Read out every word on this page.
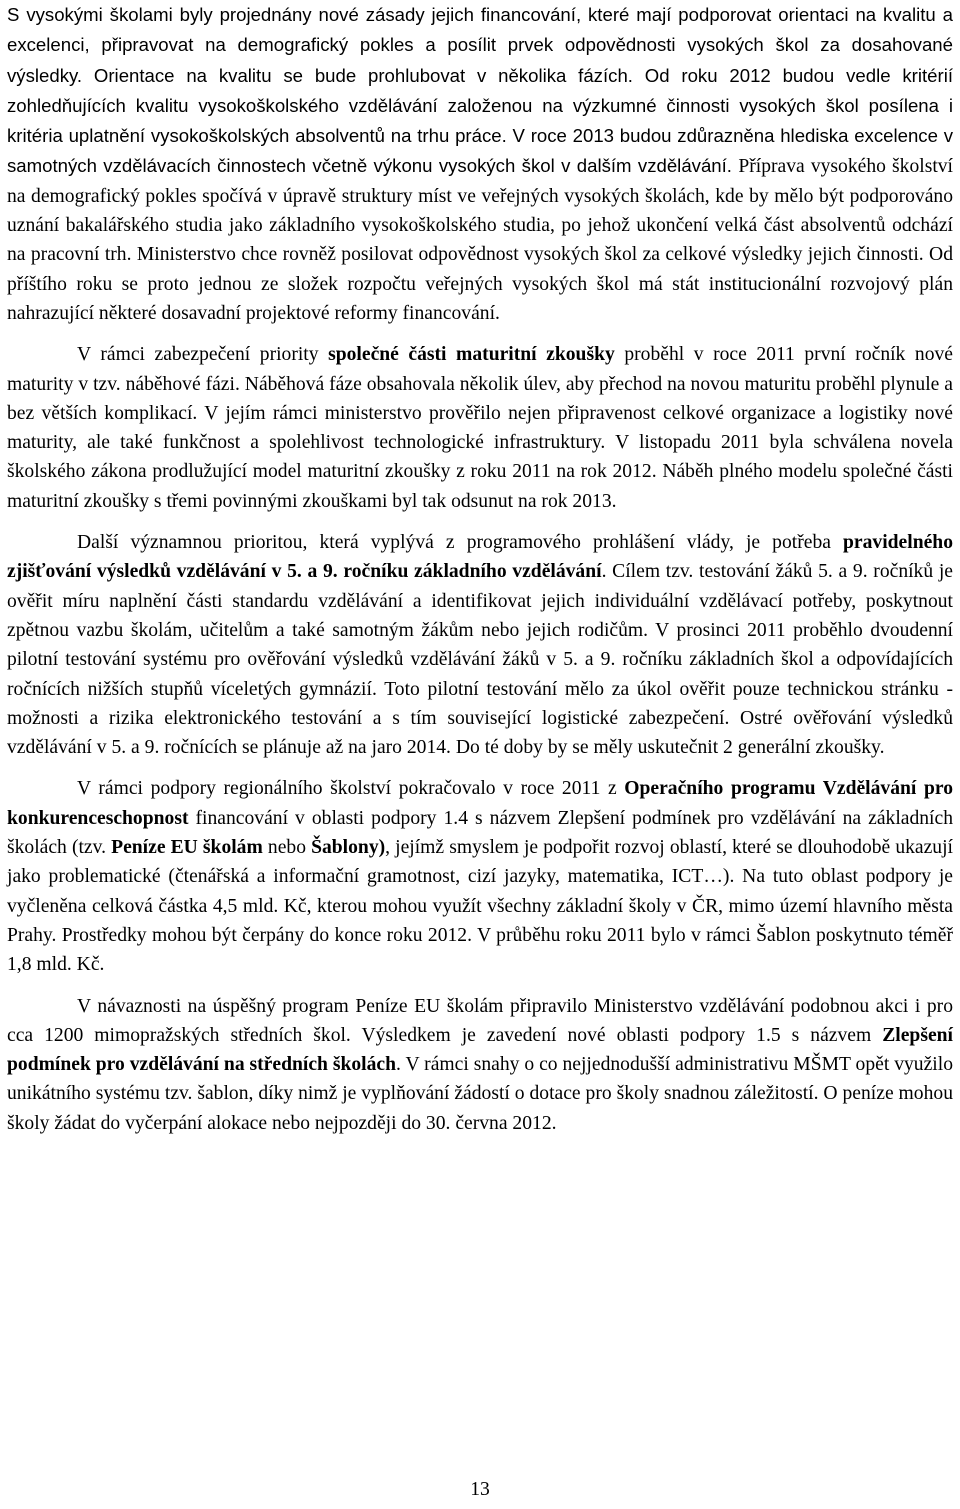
S vysokými školami byly projednány nové zásady jejich financování, které mají podporovat orientaci na kvalitu a excelenci, připravovat na demografický pokles a posílit prvek odpovědnosti vysokých škol za dosahované výsledky. Orientace na kvalitu se bude prohlubovat v několika fázích. Od roku 2012 budou vedle kritérií zohledňujících kvalitu vysokoškolského vzdělávání založenou na výzkumné činnosti vysokých škol posílena i kritéria uplatnění vysokoškolských absolventů na trhu práce. V roce 2013 budou zdůrazněna hlediska excelence v samotných vzdělávacích činnostech včetně výkonu vysokých škol v dalším vzdělávání. Příprava vysokého školství na demografický pokles spočívá v úpravě struktury míst ve veřejných vysokých školách, kde by mělo být podporováno uznání bakalářského studia jako základního vysokoškolského studia, po jehož ukončení velká část absolventů odchází na pracovní trh. Ministerstvo chce rovněž posilovat odpovědnost vysokých škol za celkové výsledky jejich činnosti. Od příštího roku se proto jednou ze složek rozpočtu veřejných vysokých škol má stát institucionální rozvojový plán nahrazující některé dosavadní projektové reformy financování.

V rámci zabezpečení priority společné části maturitní zkoušky proběhl v roce 2011 první ročník nové maturity v tzv. náběhové fázi. Náběhová fáze obsahovala několik úlev, aby přechod na novou maturitu proběhl plynule a bez větších komplikací. V jejím rámci ministerstvo prověřilo nejen připravenost celkové organizace a logistiky nové maturity, ale také funkčnost a spolehlivost technologické infrastruktury. V listopadu 2011 byla schválena novela školského zákona prodlužující model maturitní zkoušky z roku 2011 na rok 2012. Náběh plného modelu společné části maturitní zkoušky s třemi povinnými zkouškami byl tak odsunut na rok 2013.

Další významnou prioritou, která vyplývá z programového prohlášení vlády, je potřeba pravidelného zjišťování výsledků vzdělávání v 5. a 9. ročníku základního vzdělávání. Cílem tzv. testování žáků 5. a 9. ročníků je ověřit míru naplnění části standardu vzdělávání a identifikovat jejich individuální vzdělávací potřeby, poskytnout zpětnou vazbu školám, učitelům a také samotným žákům nebo jejich rodičům. V prosinci 2011 proběhlo dvoudenní pilotní testování systému pro ověřování výsledků vzdělávání žáků v 5. a 9. ročníku základních škol a odpovídajících ročnících nižších stupňů víceletých gymnázií. Toto pilotní testování mělo za úkol ověřit pouze technickou stránku - možnosti a rizika elektronického testování a s tím související logistické zabezpečení. Ostré ověřování výsledků vzdělávání v 5. a 9. ročnících se plánuje až na jaro 2014. Do té doby by se měly uskutečnit 2 generální zkoušky.

V rámci podpory regionálního školství pokračovalo v roce 2011 z Operačního programu Vzdělávání pro konkurenceschopnost financování v oblasti podpory 1.4 s názvem Zlepšení podmínek pro vzdělávání na základních školách (tzv. Peníze EU školám nebo Šablony), jejímž smyslem je podpořit rozvoj oblastí, které se dlouhodobě ukazují jako problematické (čtenářská a informační gramotnost, cizí jazyky, matematika, ICT…). Na tuto oblast podpory je vyčleněna celková částka 4,5 mld. Kč, kterou mohou využít všechny základní školy v ČR, mimo území hlavního města Prahy. Prostředky mohou být čerpány do konce roku 2012. V průběhu roku 2011 bylo v rámci Šablon poskytnuto téměř 1,8 mld. Kč.

V návaznosti na úspěšný program Peníze EU školám připravilo Ministerstvo vzdělávání podobnou akci i pro cca 1200 mimopražských středních škol. Výsledkem je zavedení nové oblasti podpory 1.5 s názvem Zlepšení podmínek pro vzdělávání na středních školách. V rámci snahy o co nejjednodušší administrativu MŠMT opět využilo unikátního systému tzv. šablon, díky nimž je vyplňování žádostí o dotace pro školy snadnou záležitostí. O peníze mohou školy žádat do vyčerpání alokace nebo nejpozději do 30. června 2012.

13
